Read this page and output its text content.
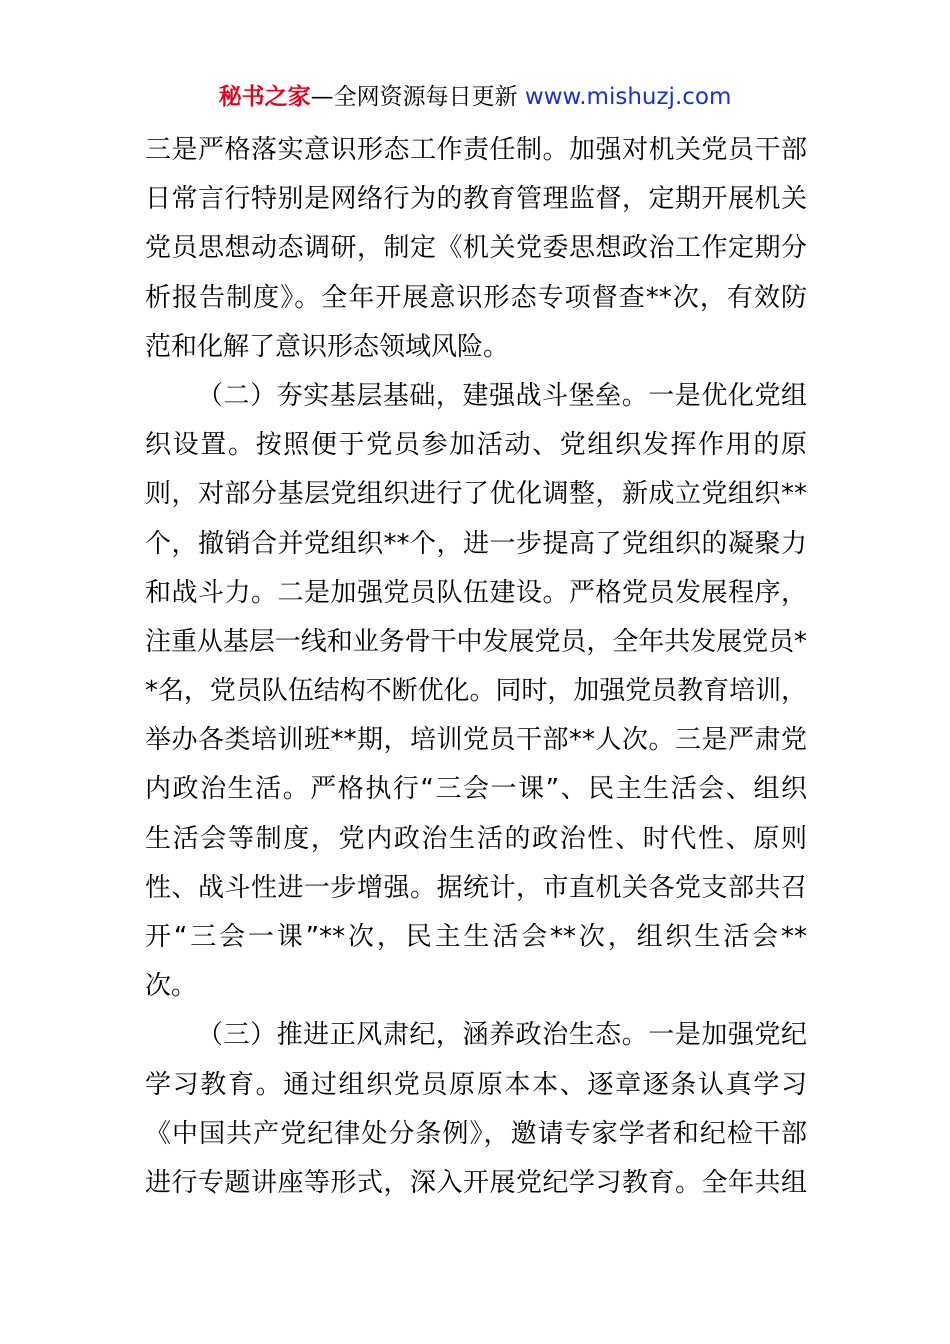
秘书之家—全网资源每日更新 www.mishuzj.com

三是严格落实意识形态工作责任制。加强对机关党员干部
日常言行特别是网络行为的教育管理监督，定期开展机关
党员思想动态调研，制定《机关党委思想政治工作定期分
析报告制度》。全年开展意识形态专项督查**次，有效防
范和化解了意识形态领域风险。

（二）夯实基层基础，建强战斗堡垒。一是优化党组
织设置。按照便于党员参加活动、党组织发挥作用的原
则，对部分基层党组织进行了优化调整，新成立党组织**
个，撤销合并党组织**个，进一步提高了党组织的凝聚力
和战斗力。二是加强党员队伍建设。严格党员发展程序，
注重从基层一线和业务骨干中发展党员，全年共发展党员*
*名，党员队伍结构不断优化。同时，加强党员教育培训，
举办各类培训班**期，培训党员干部**人次。三是严肃党
内政治生活。严格执行“三会一课”、民主生活会、组织
生活会等制度，党内政治生活的政治性、时代性、原则
性、战斗性进一步增强。据统计，市直机关各党支部共召
开“三会一课”**次，民主生活会**次，组织生活会**
次。

（三）推进正风肃纪，涵养政治生态。一是加强党纪
学习教育。通过组织党员原原本本、逐章逐条认真学习
《中国共产党纪律处分条例》，邀请专家学者和纪检干部
进行专题讲座等形式，深入开展党纪学习教育。全年共组
